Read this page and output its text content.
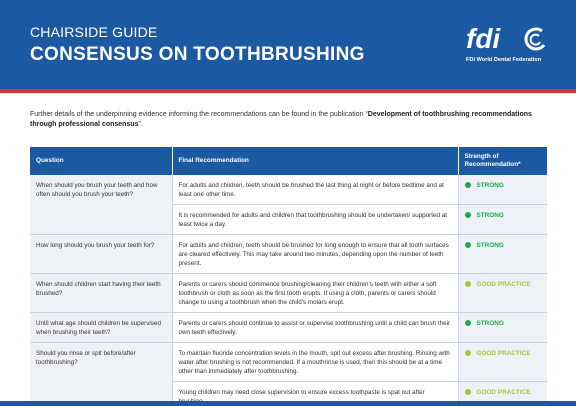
CHAIRSIDE GUIDE
CONSENSUS ON TOOTHBRUSHING
fdi
FDI World Dental Federation

Further details of the underpinning evidence informing the recommendations can be found in the publication “Development of toothbrushing recommendations through professional consensus”.

Question	Final Recommendation	Strength of Recommendation*
When should you brush your teeth and how often should you brush your teeth?	For adults and children, teeth should be brushed the last thing at night or before bedtime and at least one other time.	STRONG
	It is recommended for adults and children that toothbrushing should be undertaken/ supported at least twice a day.	STRONG
How long should you brush your teeth for?	For adults and children, teeth should be brushed for long enough to ensure that all tooth surfaces are cleared effectively. This may take around two minutes, depending upon the number of teeth present.	STRONG
When should children start having their teeth brushed?	Parents or carers should commence brushing/cleaning their children’s teeth with either a soft toothbrush or cloth as soon as the first tooth erupts. If using a cloth, parents or carers should change to using a toothbrush when the child’s molars erupt.	GOOD PRACTICE
Until what age should children be supervised when brushing their teeth?	Parents or carers should continue to assist or supervise toothbrushing until a child can brush their own teeth effectively.	STRONG
Should you rinse or spit before/after toothbrushing?	To maintain fluoride concentration levels in the mouth, spit out excess after brushing. Rinsing with water after brushing is not recommended. If a mouthrinse is used, then this should be at a time other than immediately after toothbrushing.	GOOD PRACTICE
	Young children may need close supervision to ensure excess toothpaste is spat out after	GOOD PRACTICE
